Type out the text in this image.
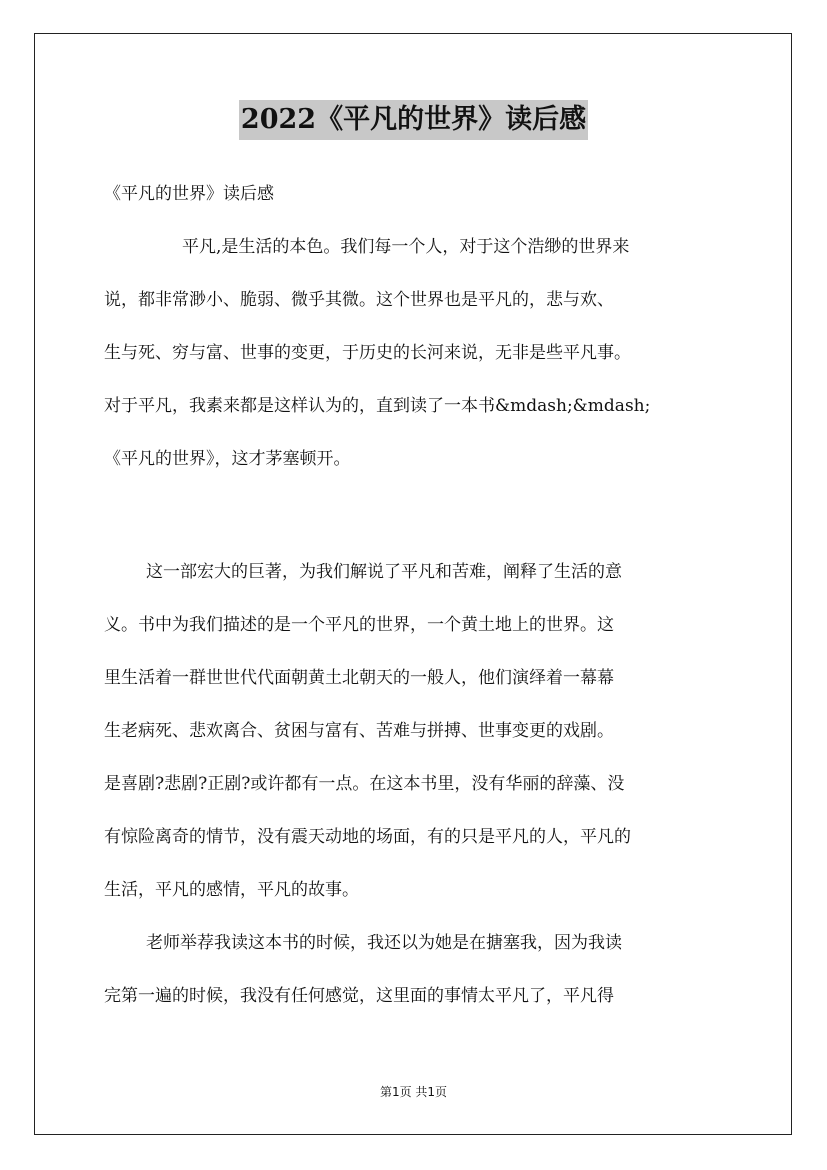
2022《平凡的世界》读后感
《平凡的世界》读后感
平凡,是生活的本色。我们每一个人，对于这个浩缈的世界来
说，都非常渺小、脆弱、微乎其微。这个世界也是平凡的，悲与欢、
生与死、穷与富、世事的变更，于历史的长河来说，无非是些平凡事。
对于平凡，我素来都是这样认为的，直到读了一本书&mdash;&mdash;
《平凡的世界》，这才茅塞顿开。
这一部宏大的巨著，为我们解说了平凡和苦难，阐释了生活的意
义。书中为我们描述的是一个平凡的世界，一个黄土地上的世界。这
里生活着一群世世代代面朝黄土北朝天的一般人，他们演绎着一幕幕
生老病死、悲欢离合、贫困与富有、苦难与拼搏、世事变更的戏剧。
是喜剧?悲剧?正剧?或许都有一点。在这本书里，没有华丽的辞藻、没
有惊险离奇的情节，没有震天动地的场面，有的只是平凡的人，平凡的
生活，平凡的感情，平凡的故事。
老师举荐我读这本书的时候，我还以为她是在搪塞我，因为我读
完第一遍的时候，我没有任何感觉，这里面的事情太平凡了，平凡得
第1页 共1页
